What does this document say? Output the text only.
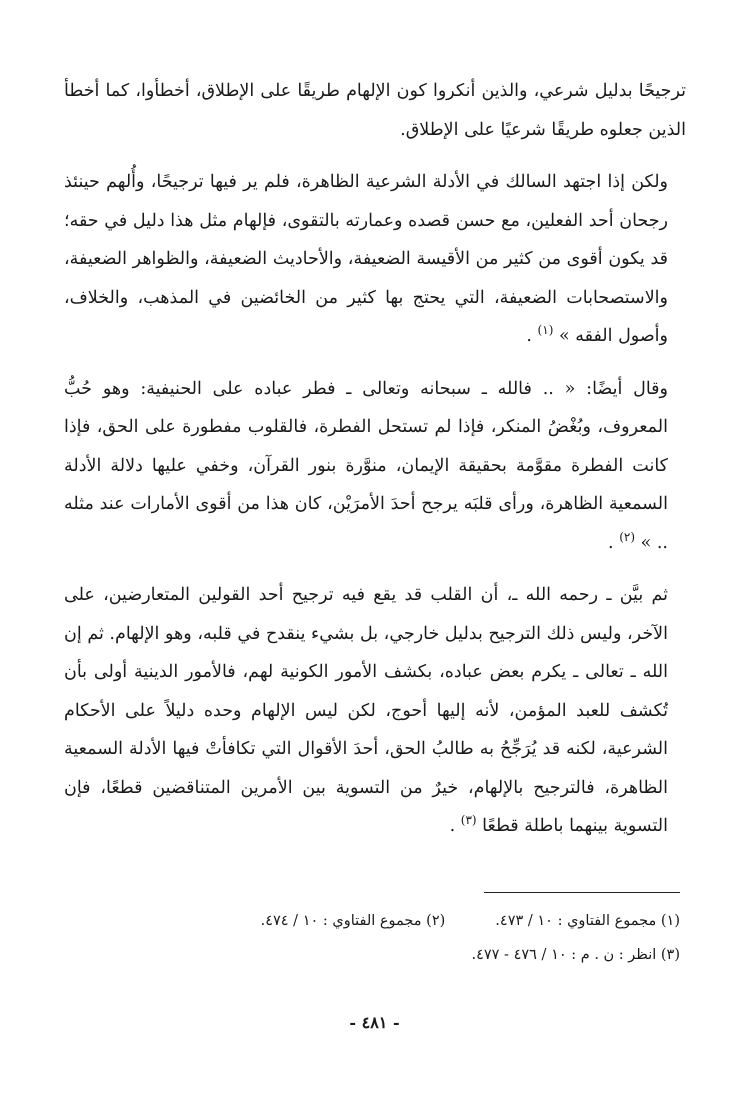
ترجيحًا بدليل شرعي، والذين أنكروا كون الإلهام طريقًا على الإطلاق، أخطأوا، كما أخطأ الذين جعلوه طريقًا شرعيًا على الإطلاق.

ولكن إذا اجتهد السالك في الأدلة الشرعية الظاهرة، فلم ير فيها ترجيحًا، وأُلهم حينئذ رجحان أحد الفعلين، مع حسن قصده وعمارته بالتقوى، فإلهام مثل هذا دليل في حقه؛ قد يكون أقوى من كثير من الأقيسة الضعيفة، والأحاديث الضعيفة، والظواهر الضعيفة، والاستصحابات الضعيفة، التي يحتج بها كثير من الخائضين في المذهب، والخلاف، وأصول الفقه » $^{(١)}$ .

وقال أيضًا: « .. فالله ـ سبحانه وتعالى ـ فطر عباده على الحنيفية: وهو حُبُّ المعروف، وبُغْضُ المنكر، فإذا لم تستحل الفطرة، فالقلوب مفطورة على الحق، فإذا كانت الفطرة مقوَّمة بحقيقة الإيمان، منوَّرة بنور القرآن، وخفي عليها دلالة الأدلة السمعية الظاهرة، ورأى قلبَه يرجح أحدَ الأمرَيْن، كان هذا من أقوى الأمارات عند مثله .. » $^{(٢)}$ .

ثم بيَّن ـ رحمه الله ـ، أن القلب قد يقع فيه ترجيح أحد القولين المتعارضين، على الآخر، وليس ذلك الترجيح بدليل خارجي، بل بشيء ينقدح في قلبه، وهو الإلهام. ثم إن الله ـ تعالى ـ يكرم بعض عباده، بكشف الأمور الكونية لهم، فالأمور الدينية أولى بأن تُكشف للعبد المؤمن، لأنه إليها أحوج، لكن ليس الإلهام وحده دليلاً على الأحكام الشرعية، لكنه قد يُرَجِّحُ به طالبُ الحق، أحدَ الأقوال التي تكافأتْ فيها الأدلة السمعية الظاهرة، فالترجيح بالإلهام، خيرٌ من التسوية بين الأمرين المتناقضين قطعًا، فإن التسوية بينهما باطلة قطعًا $^{(٣)}$ .

(١) مجموع الفتاوي : ١٠ / ٤٧٣.
(٢) مجموع الفتاوي : ١٠ / ٤٧٤.
(٣) انظر : ن . م : ١٠ / ٤٧٦ - ٤٧٧.
- ٤٨١ -
